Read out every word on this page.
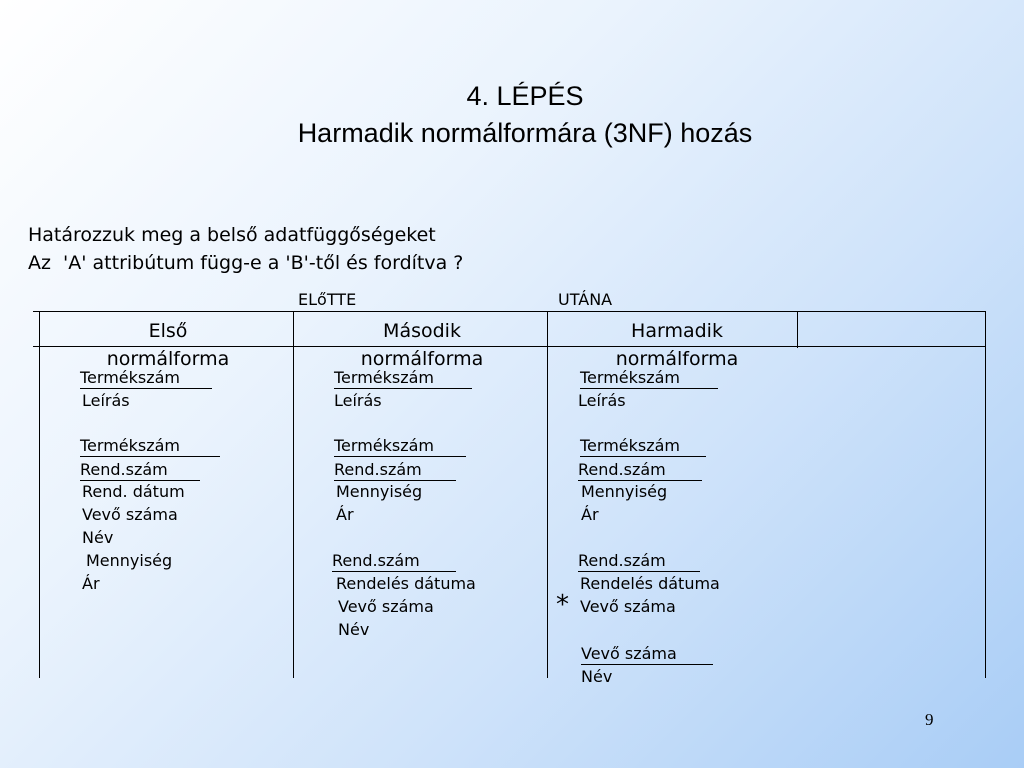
4. LÉPÉS
Harmadik normálformára (3NF) hozás
Határozzuk meg a belső adatfüggőségeket
Az  'A' attribútum függ-e a 'B'-től és fordítva ?
ELőTTE	UTÁNA
Első
normálforma
Második
normálforma
Harmadik
normálforma
Termékszám
Leírás
Termékszám
Rend.szám
Rend. dátum
Vevő száma
Név
Mennyiség
Ár
Termékszám
Leírás
Termékszám
Rend.szám
Mennyiség
Ár
Rend.szám
Rendelés dátuma
Vevő száma
Név
Termékszám
Leírás
Termékszám
Rend.szám
Mennyiség
Ár
Rend.szám
Rendelés dátuma
* Vevő száma
Vevő száma
Név
9
